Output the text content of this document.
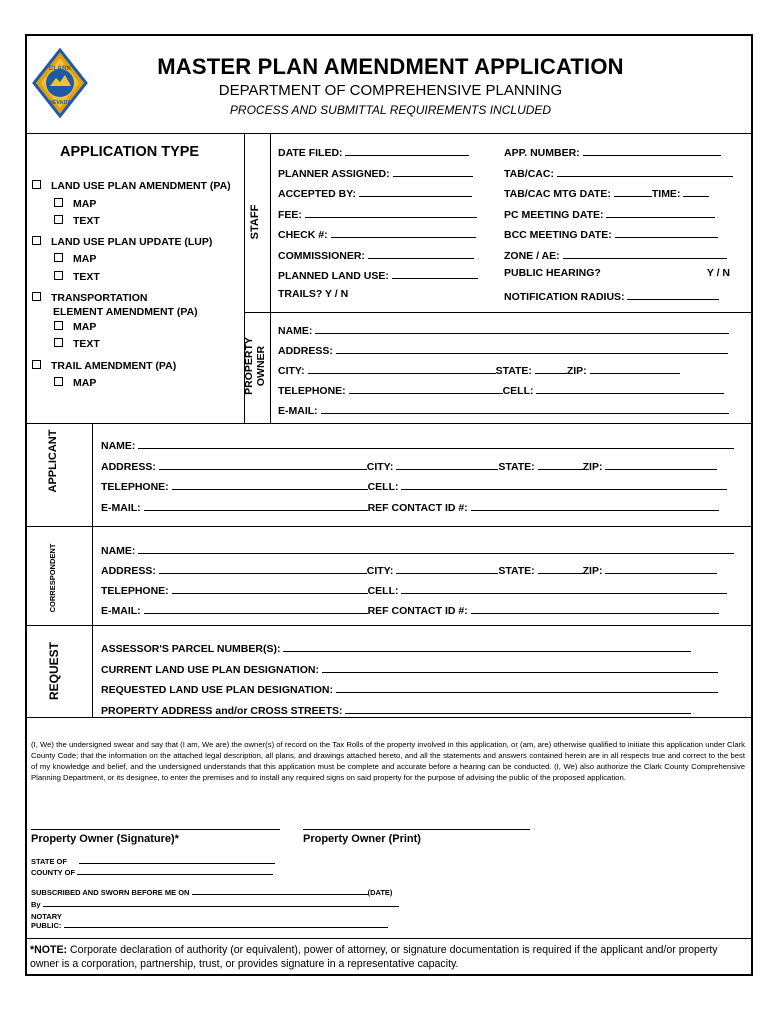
CLARK
NEVADA
MASTER PLAN AMENDMENT APPLICATION
DEPARTMENT OF COMPREHENSIVE PLANNING
PROCESS AND SUBMITTAL REQUIREMENTS INCLUDED
APPLICATION TYPE
LAND USE PLAN AMENDMENT (PA)
MAP
TEXT
LAND USE PLAN UPDATE (LUP)
MAP
TEXT
TRANSPORTATION
ELEMENT AMENDMENT (PA)
MAP
TEXT
TRAIL AMENDMENT (PA)
MAP
STAFF
PROPERTY
OWNER
APPLICANT
CORRESPONDENT
REQUEST
DATE FILED:
PLANNER ASSIGNED:
ACCEPTED BY:
FEE:
CHECK #:
COMMISSIONER:
PLANNED LAND USE:
TRAILS? Y / N
APP. NUMBER:
TAB/CAC:
TAB/CAC MTG DATE:	TIME:
PC MEETING DATE:
BCC MEETING DATE:
ZONE / AE:
PUBLIC HEARING?	Y / N
NOTIFICATION RADIUS:
NAME:
ADDRESS:
CITY:	STATE:	ZIP:
TELEPHONE:	CELL:
E-MAIL:
NAME:
ADDRESS:	CITY:	STATE:	ZIP:
TELEPHONE:	CELL:
E-MAIL:	REF CONTACT ID #:
NAME:
ADDRESS:	CITY:	STATE:	ZIP:
TELEPHONE:	CELL:
E-MAIL:	REF CONTACT ID #:
ASSESSOR'S PARCEL NUMBER(S):
CURRENT LAND USE PLAN DESIGNATION:
REQUESTED LAND USE PLAN DESIGNATION:
PROPERTY ADDRESS and/or CROSS STREETS:
(I, We) the undersigned swear and say that (I am, We are) the owner(s) of record on the Tax Rolls of the property involved in this application, or (am, are) otherwise qualified to initiate this application under Clark County Code; that the information on the attached legal description, all plans, and drawings attached hereto, and all the statements and answers contained herein are in all respects true and correct to the best of my knowledge and belief, and the undersigned understands that this application must be complete and accurate before a hearing can be conducted. (I, We) also authorize the Clark County Comprehensive Planning Department, or its designee, to enter the premises and to install any required signs on said property for the purpose of advising the public of the proposed application.
Property Owner (Signature)*	Property Owner (Print)
STATE OF
COUNTY OF
SUBSCRIBED AND SWORN BEFORE ME ON	(DATE)
By
NOTARY
PUBLIC:
*NOTE: Corporate declaration of authority (or equivalent), power of attorney, or signature documentation is required if the applicant and/or property owner is a corporation, partnership, trust, or provides signature in a representative capacity.
